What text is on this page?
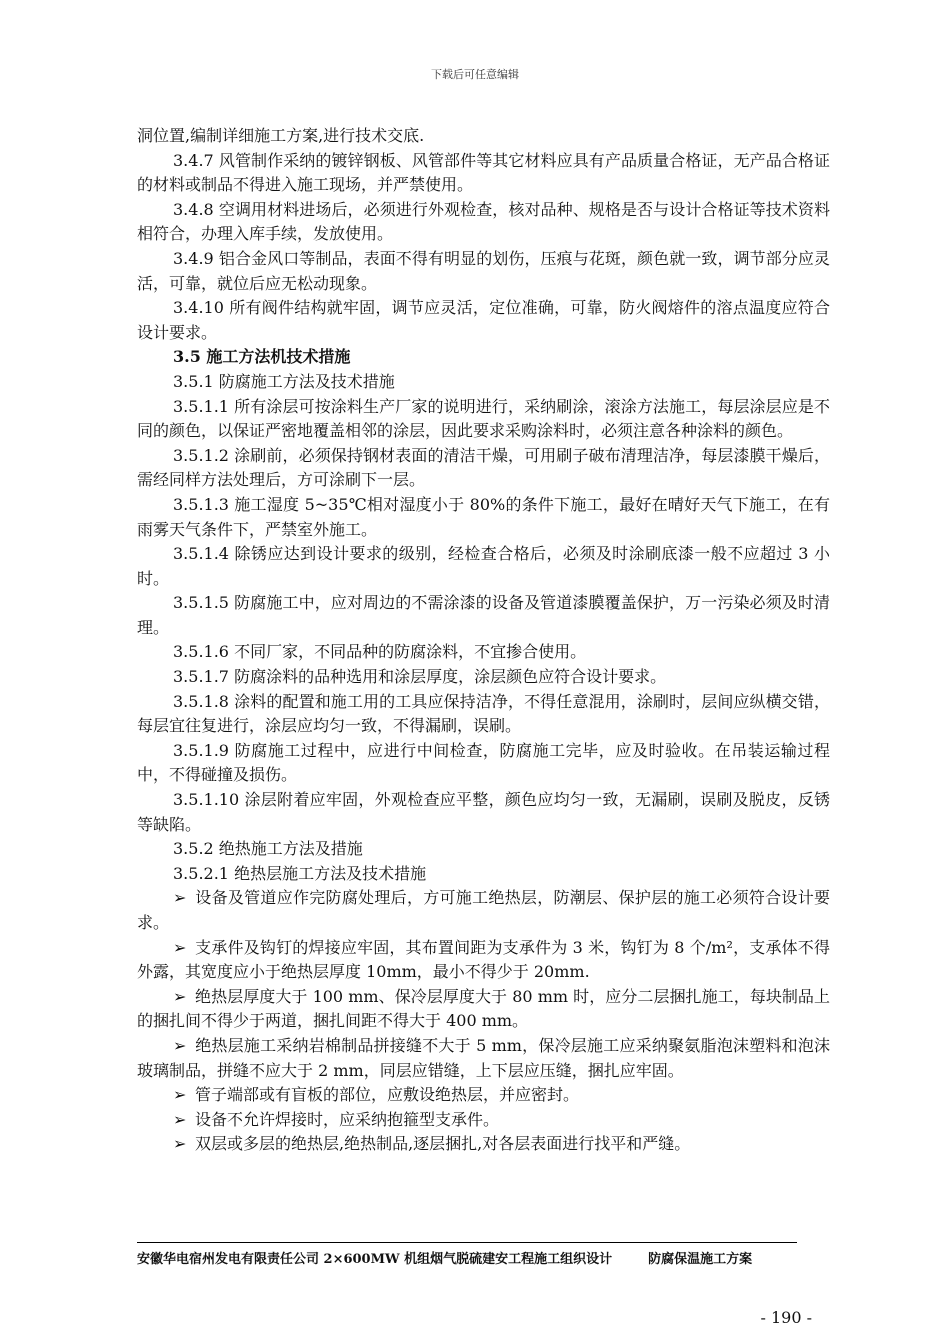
下载后可任意编辑

洞位置,编制详细施工方案,进行技术交底.

3.4.7 风管制作采纳的镀锌钢板、风管部件等其它材料应具有产品质量合格证，无产品合格证的材料或制品不得进入施工现场，并严禁使用。

3.4.8 空调用材料进场后，必须进行外观检查，核对品种、规格是否与设计合格证等技术资料相符合，办理入库手续，发放使用。

3.4.9 铝合金风口等制品，表面不得有明显的划伤，压痕与花斑，颜色就一致，调节部分应灵活，可靠，就位后应无松动现象。

3.4.10 所有阀件结构就牢固，调节应灵活，定位准确，可靠，防火阀熔件的溶点温度应符合设计要求。

3.5 施工方法机技术措施

3.5.1 防腐施工方法及技术措施

3.5.1.1 所有涂层可按涂料生产厂家的说明进行，采纳刷涂，滚涂方法施工，每层涂层应是不同的颜色，以保证严密地覆盖相邻的涂层，因此要求采购涂料时，必须注意各种涂料的颜色。

3.5.1.2 涂刷前，必须保持钢材表面的清洁干燥，可用刷子破布清理洁净，每层漆膜干燥后，需经同样方法处理后，方可涂刷下一层。

3.5.1.3 施工湿度 5~35℃相对湿度小于 80%的条件下施工，最好在晴好天气下施工，在有雨雾天气条件下，严禁室外施工。

3.5.1.4 除锈应达到设计要求的级别，经检查合格后，必须及时涂刷底漆一般不应超过 3 小时。

3.5.1.5 防腐施工中，应对周边的不需涂漆的设备及管道漆膜覆盖保护，万一污染必须及时清理。

3.5.1.6 不同厂家，不同品种的防腐涂料，不宜掺合使用。

3.5.1.7 防腐涂料的品种选用和涂层厚度，涂层颜色应符合设计要求。

3.5.1.8 涂料的配置和施工用的工具应保持洁净，不得任意混用，涂刷时，层间应纵横交错，每层宜往复进行，涂层应均匀一致，不得漏刷，误刷。

3.5.1.9 防腐施工过程中，应进行中间检查，防腐施工完毕，应及时验收。在吊装运输过程中，不得碰撞及损伤。

3.5.1.10 涂层附着应牢固，外观检查应平整，颜色应均匀一致，无漏刷，误刷及脱皮，反锈等缺陷。

3.5.2 绝热施工方法及措施

3.5.2.1 绝热层施工方法及技术措施

➢ 设备及管道应作完防腐处理后，方可施工绝热层，防潮层、保护层的施工必须符合设计要求。

➢ 支承件及钩钉的焊接应牢固，其布置间距为支承件为 3 米，钩钉为 8 个/m²，支承体不得外露，其宽度应小于绝热层厚度 10mm，最小不得少于 20mm.

➢ 绝热层厚度大于 100 mm、保冷层厚度大于 80 mm 时，应分二层捆扎施工，每块制品上的捆扎间不得少于两道，捆扎间距不得大于 400 mm。

➢ 绝热层施工采纳岩棉制品拼接缝不大于 5 mm，保冷层施工应采纳聚氨脂泡沫塑料和泡沫玻璃制品，拼缝不应大于 2 mm，同层应错缝，上下层应压缝，捆扎应牢固。

➢ 管子端部或有盲板的部位，应敷设绝热层，并应密封。

➢ 设备不允许焊接时，应采纳抱箍型支承件。

➢ 双层或多层的绝热层,绝热制品,逐层捆扎,对各层表面进行找平和严缝。

安徽华电宿州发电有限责任公司 2×600MW 机组烟气脱硫建安工程施工组织设计	防腐保温施工方案
- 190 -
